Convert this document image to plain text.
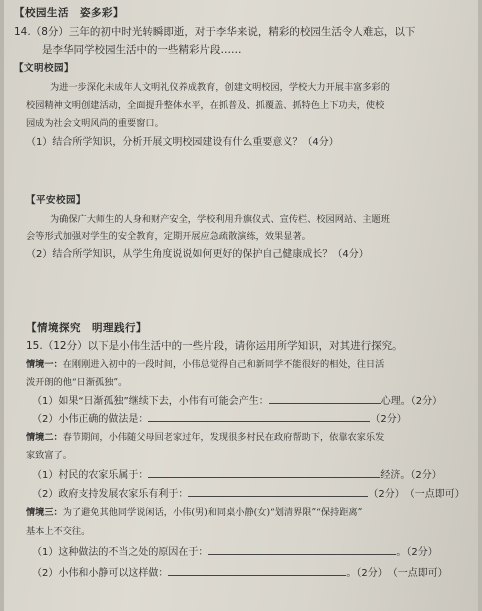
【校园生活　姿多彩】
14.（8分）三年的初中时光转瞬即逝，对于李华来说，精彩的校园生活令人难忘，以下
是李华同学校园生活中的一些精彩片段……
【文明校园】
为进一步深化未成年人文明礼仪养成教育，创建文明校园，学校大力开展丰富多彩的
校园精神文明创建活动，全面提升整体水平，在抓普及、抓覆盖、抓特色上下功夫，使校
园成为社会文明风尚的重要窗口。
（1）结合所学知识，分析开展文明校园建设有什么重要意义？（4分）
【平安校园】
为确保广大师生的人身和财产安全，学校利用升旗仪式、宣传栏、校园网站、主题班
会等形式加强对学生的安全教育，定期开展应急疏散演练，效果显著。
（2）结合所学知识，从学生角度说说如何更好的保护自己健康成长？（4分）
【情境探究　明理践行】
15.（12分）以下是小伟生活中的一些片段，请你运用所学知识，对其进行探究。
情境一：在刚刚进入初中的一段时间，小伟总觉得自己和新同学不能很好的相处，往日活
泼开朗的他“日渐孤独”。
（1）如果“日渐孤独”继续下去，小伟有可能会产生：	心理。（2分）
（2）小伟正确的做法是：	（2分）
情境二：春节期间，小伟随父母回老家过年，发现很多村民在政府帮助下，依靠农家乐发
家致富了。
（1）村民的农家乐属于：	经济。（2分）
（2）政府支持发展农家乐有利于：	（2分）　（一点即可）
情境三：为了避免其他同学说闲话，小伟(男)和同桌小静(女)“划清界限”“保持距离”
基本上不交往。
（1）这种做法的不当之处的原因在于：	。（2分）
（2）小伟和小静可以这样做：	。（2分）　（一点即可）
